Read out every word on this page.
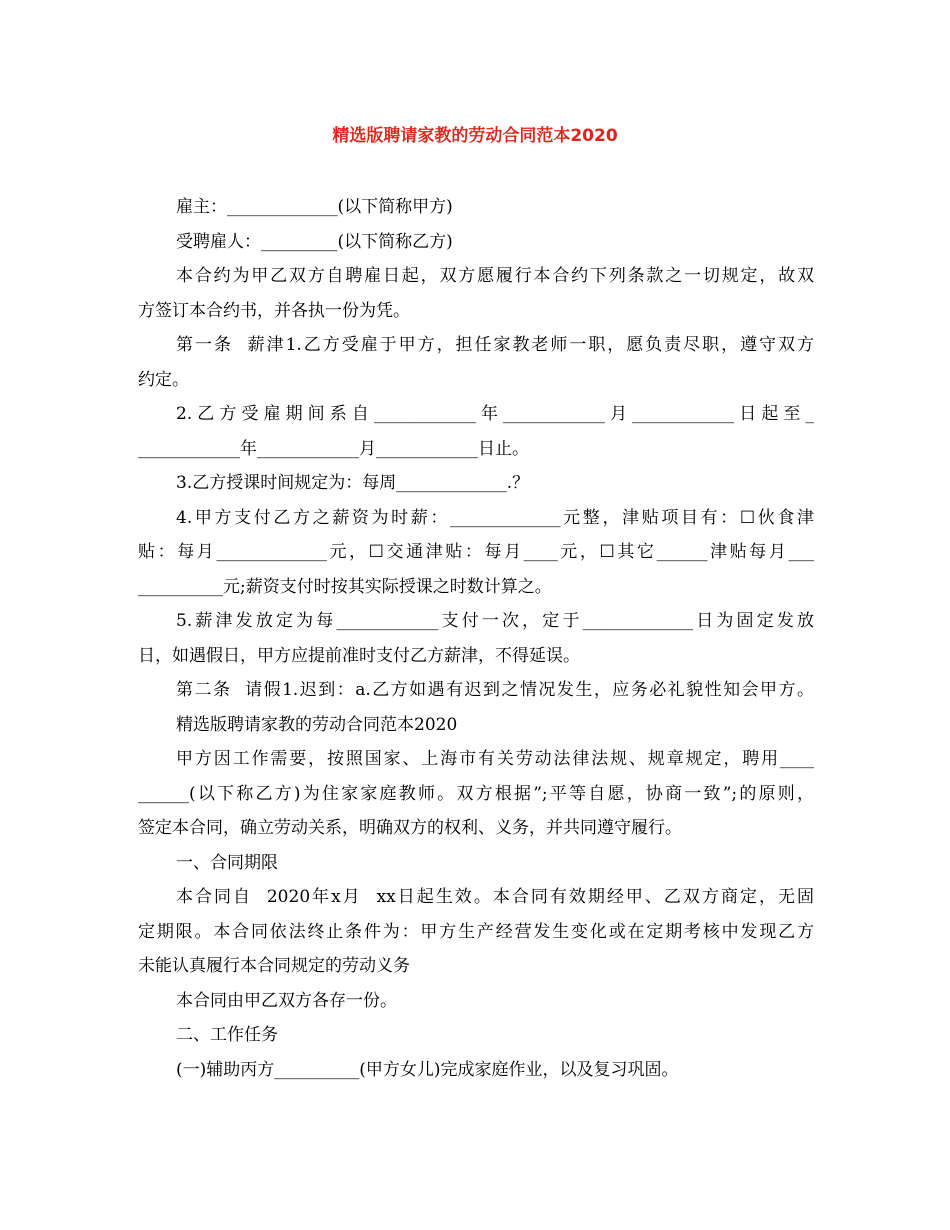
精选版聘请家教的劳动合同范本2020
雇主：_____________(以下简称甲方)
受聘雇人：_________(以下简称乙方)
本合约为甲乙双方自聘雇日起，双方愿履行本合约下列条款之一切规定，故双
方签订本合约书，并各执一份为凭。
第一条  薪津1.乙方受雇于甲方，担任家教老师一职，愿负责尽职，遵守双方
约定。
2.乙方受雇期间系自____________年____________月____________日起至_
____________年____________月____________日止。
3.乙方授课时间规定为：每周_____________.？
4.甲方支付乙方之薪资为时薪：_____________元整，津贴项目有：☐伙食津
贴：每月_____________元，☐交通津贴：每月____元，☐其它______津贴每月___
__________元;薪资支付时按其实际授课之时数计算之。
5.薪津发放定为每____________支付一次，定于_____________日为固定发放
日，如遇假日，甲方应提前准时支付乙方薪津，不得延误。
第二条  请假1.迟到：a.乙方如遇有迟到之情况发生，应务必礼貌性知会甲方。
精选版聘请家教的劳动合同范本2020
甲方因工作需要，按照国家、上海市有关劳动法律法规、规章规定，聘用____
______(以下称乙方)为住家家庭教师。双方根据”;平等自愿，协商一致”;的原则，
签定本合同，确立劳动关系，明确双方的权利、义务，并共同遵守履行。
一、合同期限
本合同自  2020年x月  xx日起生效。本合同有效期经甲、乙双方商定，无固
定期限。本合同依法终止条件为：甲方生产经营发生变化或在定期考核中发现乙方
未能认真履行本合同规定的劳动义务
本合同由甲乙双方各存一份。
二、工作任务
(一)辅助丙方__________(甲方女儿)完成家庭作业，以及复习巩固。
